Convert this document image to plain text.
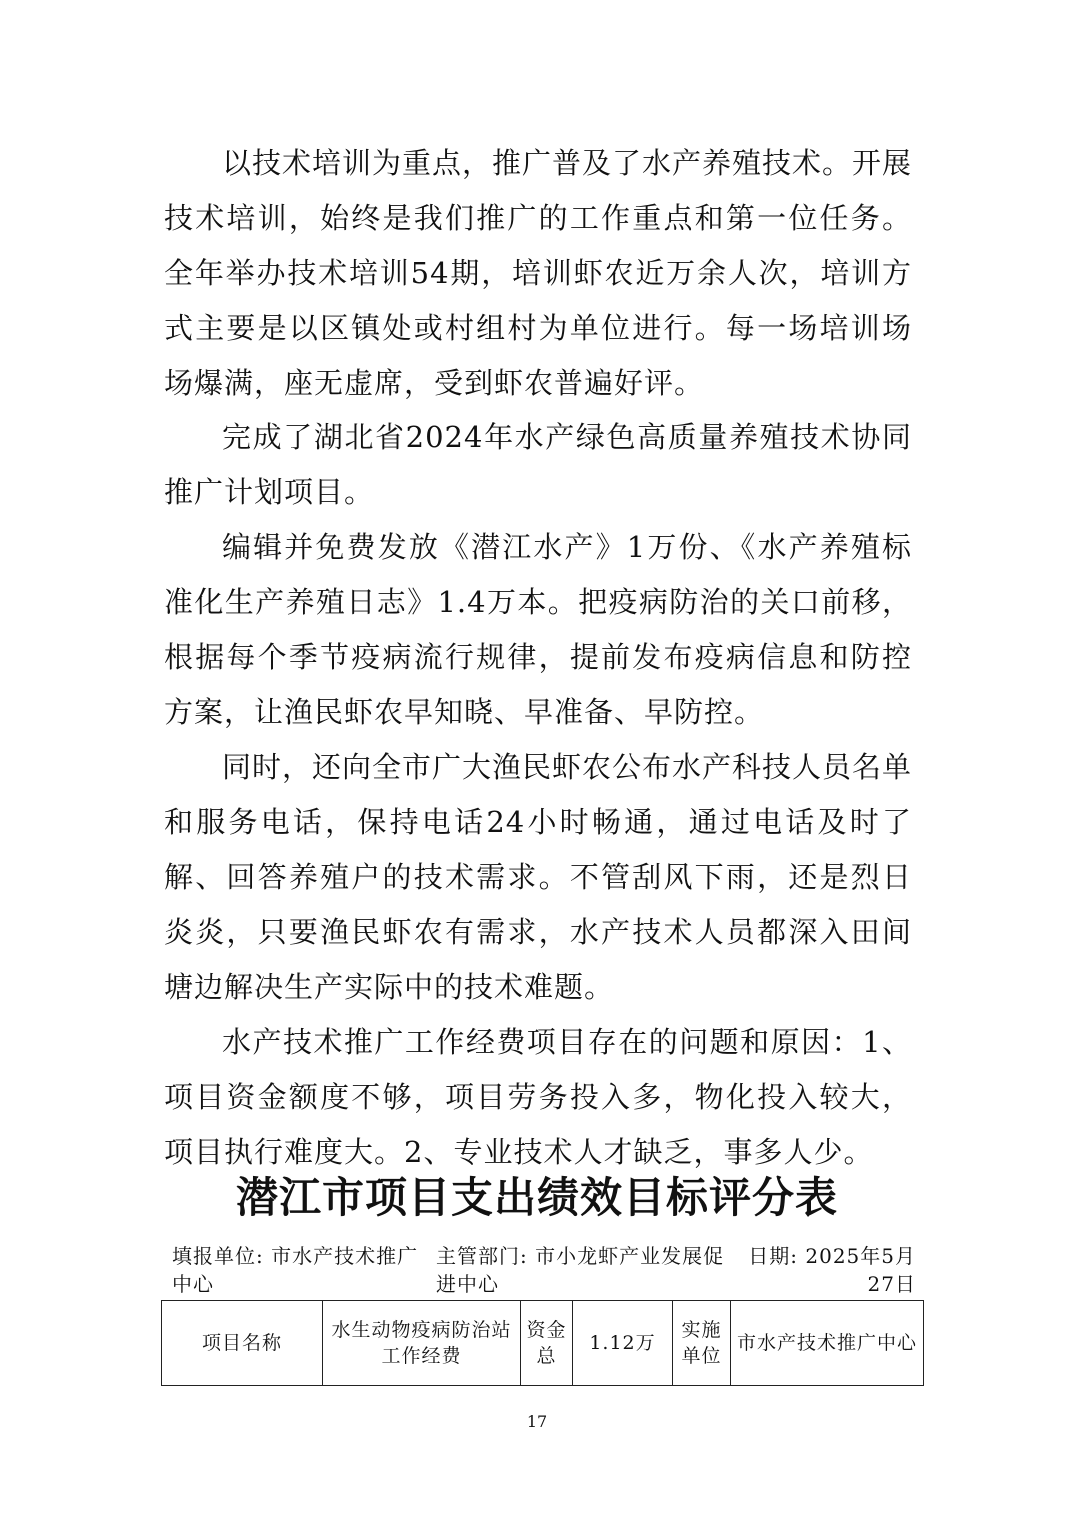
以技术培训为重点，推广普及了水产养殖技术。开展技术培训，始终是我们推广的工作重点和第一位任务。全年举办技术培训54期，培训虾农近万余人次，培训方式主要是以区镇处或村组村为单位进行。每一场培训场场爆满，座无虚席，受到虾农普遍好评。

完成了湖北省2024年水产绿色高质量养殖技术协同推广计划项目。

编辑并免费发放《潜江水产》1万份、《水产养殖标准化生产养殖日志》1.4万本。把疫病防治的关口前移，根据每个季节疫病流行规律，提前发布疫病信息和防控方案，让渔民虾农早知晓、早准备、早防控。

同时，还向全市广大渔民虾农公布水产科技人员名单和服务电话，保持电话24小时畅通，通过电话及时了解、回答养殖户的技术需求。不管刮风下雨，还是烈日炎炎，只要渔民虾农有需求，水产技术人员都深入田间塘边解决生产实际中的技术难题。

水产技术推广工作经费项目存在的问题和原因：1、项目资金额度不够，项目劳务投入多，物化投入较大，项目执行难度大。2、专业技术人才缺乏，事多人少。

潜江市项目支出绩效目标评分表
填报单位: 市水产技术推广中心
主管部门: 市小龙虾产业发展促进中心
日期: 2025年5月27日
项目名称	水生动物疫病防治站工作经费	资金总	1.12万	实施单位	市水产技术推广中心
17
